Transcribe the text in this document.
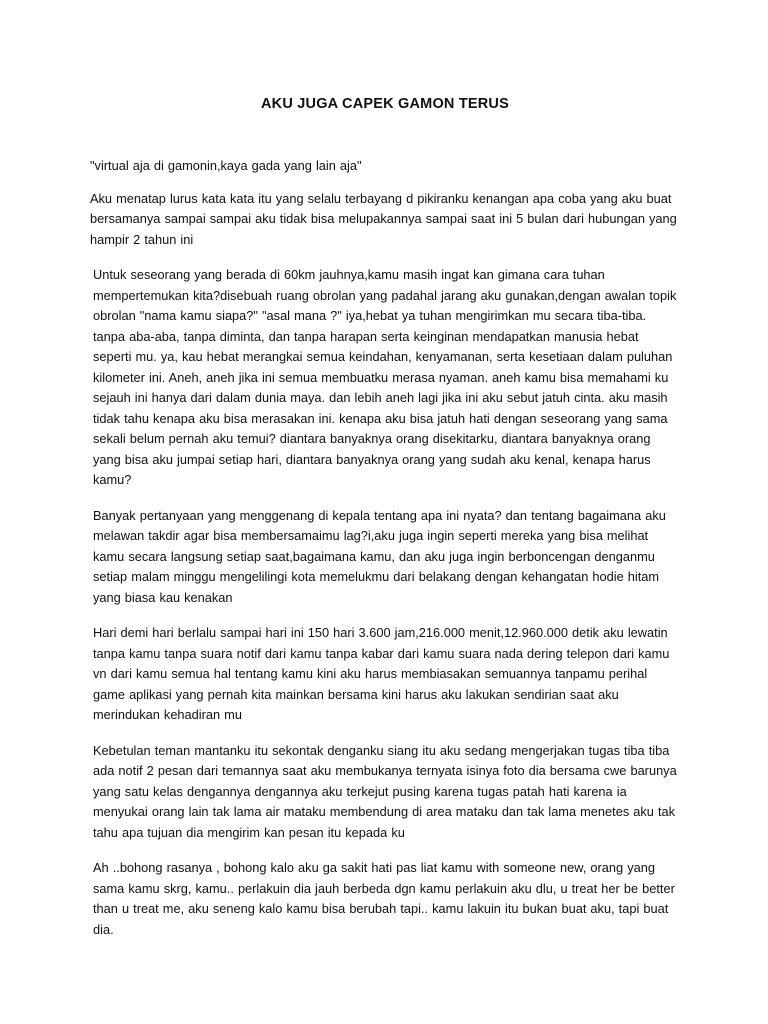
AKU JUGA CAPEK GAMON TERUS

"virtual aja di gamonin,kaya gada yang lain aja"

Aku menatap lurus kata kata itu yang selalu terbayang d pikiranku kenangan apa coba yang aku buat bersamanya sampai sampai aku tidak bisa melupakannya sampai saat ini 5 bulan dari hubungan yang hampir 2 tahun ini

Untuk seseorang yang berada di 60km jauhnya,kamu masih ingat kan gimana cara tuhan mempertemukan kita?disebuah ruang obrolan yang padahal jarang aku gunakan,dengan awalan topik obrolan "nama kamu siapa?" "asal mana ?" iya,hebat ya tuhan mengirimkan mu secara tiba-tiba. tanpa aba-aba, tanpa diminta, dan tanpa harapan serta keinginan mendapatkan manusia hebat seperti mu. ya, kau hebat merangkai semua keindahan, kenyamanan, serta kesetiaan dalam puluhan kilometer ini. Aneh, aneh jika ini semua membuatku merasa nyaman. aneh kamu bisa memahami ku sejauh ini hanya dari dalam dunia maya. dan lebih aneh lagi jika ini aku sebut jatuh cinta. aku masih tidak tahu kenapa aku bisa merasakan ini. kenapa aku bisa jatuh hati dengan seseorang yang sama sekali belum pernah aku temui? diantara banyaknya orang disekitarku, diantara banyaknya orang yang bisa aku jumpai setiap hari, diantara banyaknya orang yang sudah aku kenal, kenapa harus kamu?

Banyak pertanyaan yang menggenang di kepala tentang apa ini nyata? dan tentang bagaimana aku melawan takdir agar bisa membersamaimu lag?i,aku juga ingin seperti mereka yang bisa melihat kamu secara langsung setiap saat,bagaimana kamu, dan aku juga ingin berboncengan denganmu setiap malam minggu mengelilingi kota memelukmu dari belakang dengan kehangatan hodie hitam yang biasa kau kenakan

Hari demi hari berlalu sampai hari ini 150 hari 3.600 jam,216.000 menit,12.960.000 detik aku lewatin tanpa kamu tanpa suara notif dari kamu tanpa kabar dari kamu suara nada dering telepon dari kamu vn dari kamu semua hal tentang kamu kini aku harus membiasakan semuannya tanpamu perihal game aplikasi yang pernah kita mainkan bersama kini harus aku lakukan sendirian saat aku merindukan kehadiran mu

Kebetulan teman mantanku itu sekontak denganku siang itu aku sedang mengerjakan tugas tiba tiba ada notif 2 pesan dari temannya saat aku membukanya ternyata isinya foto dia bersama cwe barunya yang satu kelas dengannya dengannya aku terkejut pusing karena tugas patah hati karena ia menyukai orang lain tak lama air mataku membendung di area mataku dan tak lama menetes aku tak tahu apa tujuan dia mengirim kan pesan itu kepada ku

Ah ..bohong rasanya , bohong kalo aku ga sakit hati pas liat kamu with someone new, orang yang sama kamu skrg, kamu.. perlakuin dia jauh berbeda dgn kamu perlakuin aku dlu, u treat her be better than u treat me, aku seneng kalo kamu bisa berubah tapi.. kamu lakuin itu bukan buat aku, tapi buat dia.
